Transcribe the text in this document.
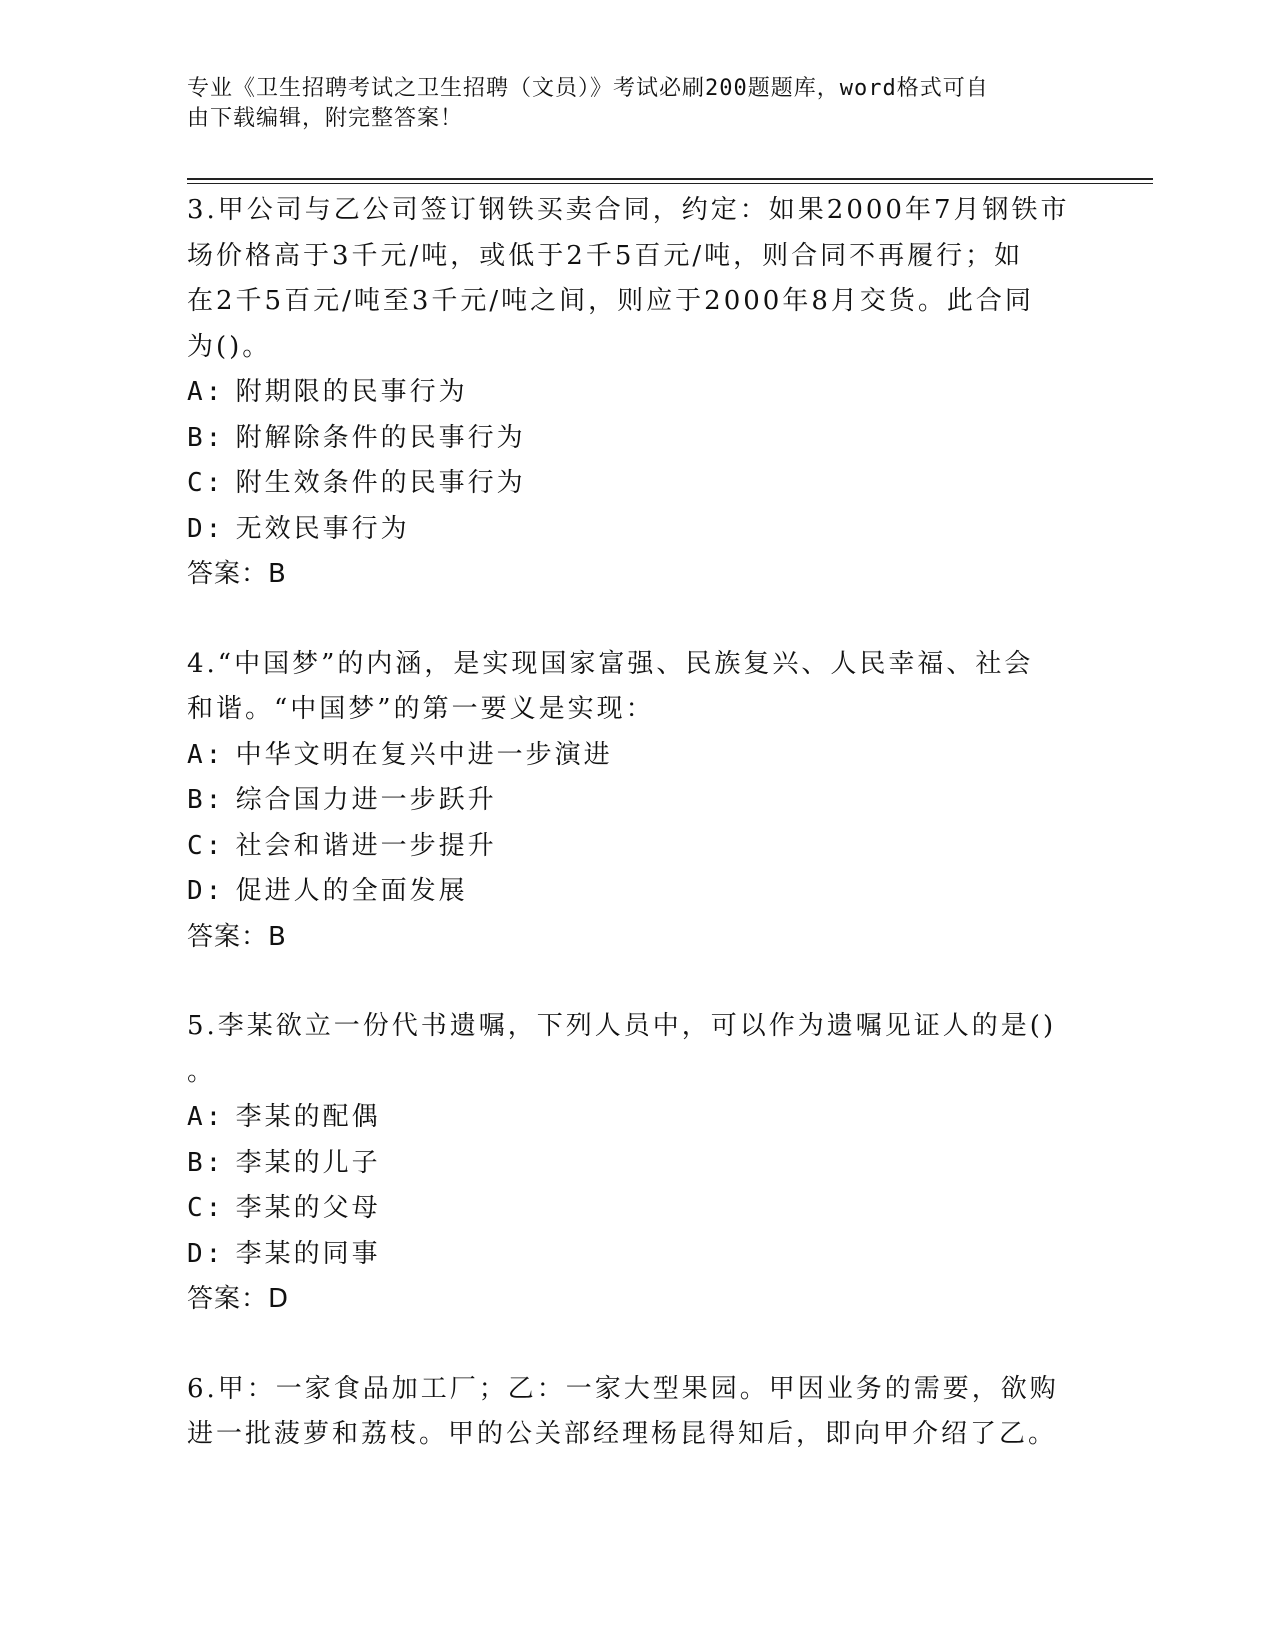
专业《卫生招聘考试之卫生招聘（文员）》考试必刷200题题库，word格式可自
由下载编辑，附完整答案！
3.甲公司与乙公司签订钢铁买卖合同，约定：如果2000年7月钢铁市
场价格高于3千元/吨，或低于2千5百元/吨，则合同不再履行；如
在2千5百元/吨至3千元/吨之间，则应于2000年8月交货。此合同
为()。
A: 附期限的民事行为
B: 附解除条件的民事行为
C: 附生效条件的民事行为
D: 无效民事行为
答案：B
4.“中国梦”的内涵，是实现国家富强、民族复兴、人民幸福、社会
和谐。“中国梦”的第一要义是实现：
A: 中华文明在复兴中进一步演进
B: 综合国力进一步跃升
C: 社会和谐进一步提升
D: 促进人的全面发展
答案：B
5.李某欲立一份代书遗嘱，下列人员中，可以作为遗嘱见证人的是()
。
A: 李某的配偶
B: 李某的儿子
C: 李某的父母
D: 李某的同事
答案：D
6.甲：一家食品加工厂；乙：一家大型果园。甲因业务的需要，欲购
进一批菠萝和荔枝。甲的公关部经理杨昆得知后，即向甲介绍了乙。
